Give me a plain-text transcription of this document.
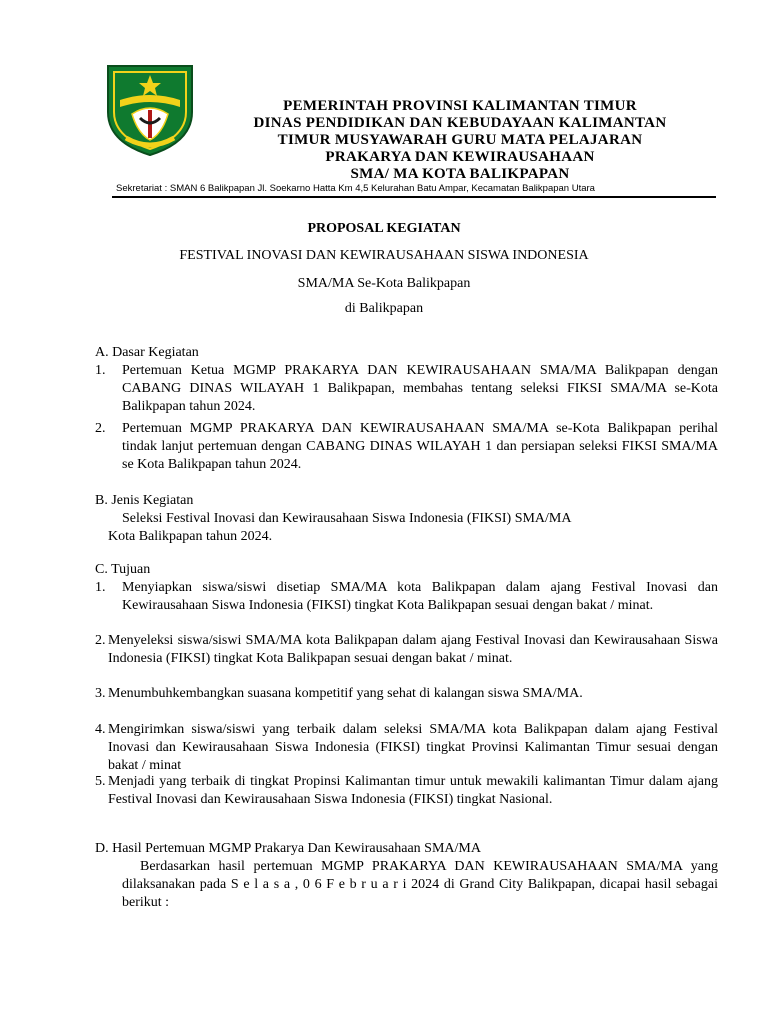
PEMERINTAH PROVINSI KALIMANTAN TIMUR
DINAS PENDIDIKAN DAN KEBUDAYAAN KALIMANTAN
TIMUR MUSYAWARAH GURU MATA PELAJARAN
PRAKARYA DAN KEWIRAUSAHAAN
SMA/ MA KOTA BALIKPAPAN
Sekretariat : SMAN 6 Balikpapan Jl. Soekarno Hatta Km 4,5 Kelurahan Batu Ampar, Kecamatan Balikpapan Utara
PROPOSAL KEGIATAN
FESTIVAL INOVASI DAN KEWIRAUSAHAAN SISWA INDONESIA
SMA/MA Se-Kota Balikpapan
di Balikpapan
A. Dasar Kegiatan
1. Pertemuan Ketua MGMP PRAKARYA DAN KEWIRAUSAHAAN SMA/MA Balikpapan dengan CABANG DINAS WILAYAH 1 Balikpapan, membahas tentang seleksi FIKSI SMA/MA se-Kota Balikpapan tahun 2024.
2. Pertemuan MGMP PRAKARYA DAN KEWIRAUSAHAAN SMA/MA se-Kota Balikpapan perihal tindak lanjut pertemuan dengan CABANG DINAS WILAYAH 1 dan persiapan seleksi FIKSI SMA/MA se Kota Balikpapan tahun 2024.
B. Jenis Kegiatan
Seleksi Festival Inovasi dan Kewirausahaan Siswa Indonesia (FIKSI) SMA/MA
Kota Balikpapan tahun 2024.
C. Tujuan
1. Menyiapkan siswa/siswi disetiap SMA/MA kota Balikpapan dalam ajang Festival Inovasi dan Kewirausahaan Siswa Indonesia (FIKSI) tingkat Kota Balikpapan sesuai dengan bakat / minat.
2. Menyeleksi siswa/siswi SMA/MA kota Balikpapan dalam ajang Festival Inovasi dan Kewirausahaan Siswa Indonesia (FIKSI) tingkat Kota Balikpapan sesuai dengan bakat / minat.
3. Menumbuhkembangkan suasana kompetitif yang sehat di kalangan siswa SMA/MA.
4. Mengirimkan siswa/siswi yang terbaik dalam seleksi SMA/MA kota Balikpapan dalam ajang Festival Inovasi dan Kewirausahaan Siswa Indonesia (FIKSI) tingkat Provinsi Kalimantan Timur sesuai dengan bakat / minat
5. Menjadi yang terbaik di tingkat Propinsi Kalimantan timur untuk mewakili kalimantan Timur dalam ajang Festival Inovasi dan Kewirausahaan Siswa Indonesia (FIKSI) tingkat Nasional.
D. Hasil Pertemuan MGMP Prakarya Dan Kewirausahaan SMA/MA
Berdasarkan hasil pertemuan MGMP PRAKARYA DAN KEWIRAUSAHAAN SMA/MA yang dilaksanakan pada S e l a s a , 0 6 F e b r u a r i 2024 di Grand City Balikpapan, dicapai hasil sebagai berikut :
